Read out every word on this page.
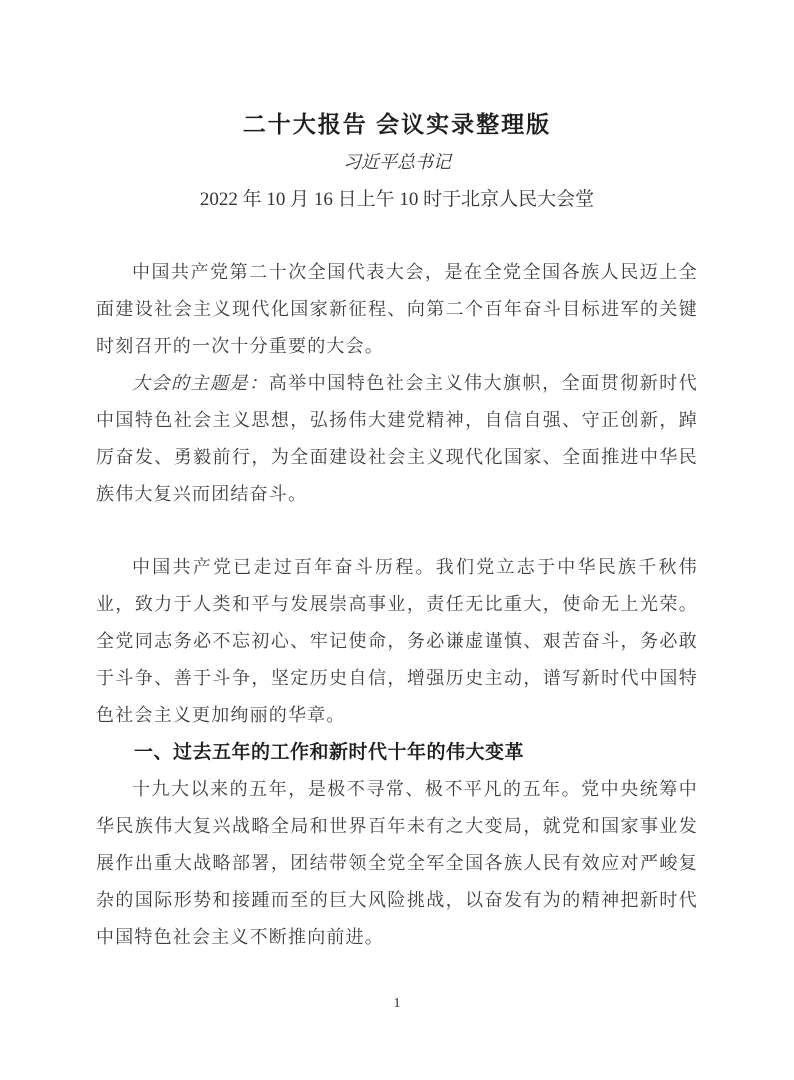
二十大报告 会议实录整理版

习近平总书记

2022 年 10 月 16 日上午 10 时于北京人民大会堂

中国共产党第二十次全国代表大会，是在全党全国各族人民迈上全面建设社会主义现代化国家新征程、向第二个百年奋斗目标进军的关键时刻召开的一次十分重要的大会。

大会的主题是：高举中国特色社会主义伟大旗帜，全面贯彻新时代中国特色社会主义思想，弘扬伟大建党精神，自信自强、守正创新，踔厉奋发、勇毅前行，为全面建设社会主义现代化国家、全面推进中华民族伟大复兴而团结奋斗。

中国共产党已走过百年奋斗历程。我们党立志于中华民族千秋伟业，致力于人类和平与发展崇高事业，责任无比重大，使命无上光荣。全党同志务必不忘初心、牢记使命，务必谦虚谨慎、艰苦奋斗，务必敢于斗争、善于斗争，坚定历史自信，增强历史主动，谱写新时代中国特色社会主义更加绚丽的华章。

一、过去五年的工作和新时代十年的伟大变革

十九大以来的五年，是极不寻常、极不平凡的五年。党中央统筹中华民族伟大复兴战略全局和世界百年未有之大变局，就党和国家事业发展作出重大战略部署，团结带领全党全军全国各族人民有效应对严峻复杂的国际形势和接踵而至的巨大风险挑战，以奋发有为的精神把新时代中国特色社会主义不断推向前进。

1
